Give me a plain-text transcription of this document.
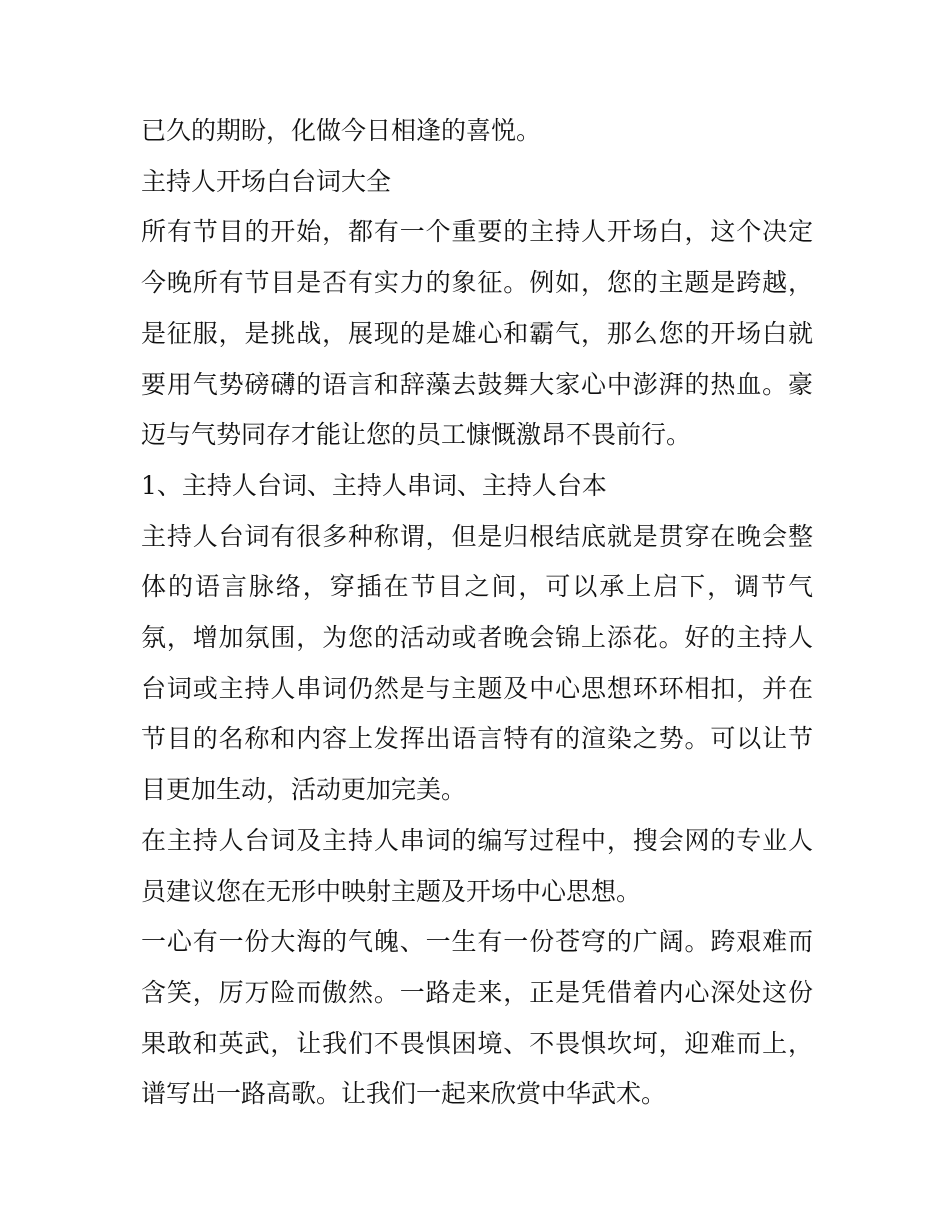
已久的期盼，化做今日相逢的喜悦。

主持人开场白台词大全

所有节目的开始，都有一个重要的主持人开场白，这个决定今晚所有节目是否有实力的象征。例如，您的主题是跨越，是征服，是挑战，展现的是雄心和霸气，那么您的开场白就要用气势磅礴的语言和辞藻去鼓舞大家心中澎湃的热血。豪迈与气势同存才能让您的员工慷慨激昂不畏前行。

1、主持人台词、主持人串词、主持人台本

主持人台词有很多种称谓，但是归根结底就是贯穿在晚会整体的语言脉络，穿插在节目之间，可以承上启下，调节气氛，增加氛围，为您的活动或者晚会锦上添花。好的主持人台词或主持人串词仍然是与主题及中心思想环环相扣，并在节目的名称和内容上发挥出语言特有的渲染之势。可以让节目更加生动，活动更加完美。

在主持人台词及主持人串词的编写过程中，搜会网的专业人员建议您在无形中映射主题及开场中心思想。

一心有一份大海的气魄、一生有一份苍穹的广阔。跨艰难而含笑，厉万险而傲然。一路走来，正是凭借着内心深处这份果敢和英武，让我们不畏惧困境、不畏惧坎坷，迎难而上，谱写出一路高歌。让我们一起来欣赏中华武术。
